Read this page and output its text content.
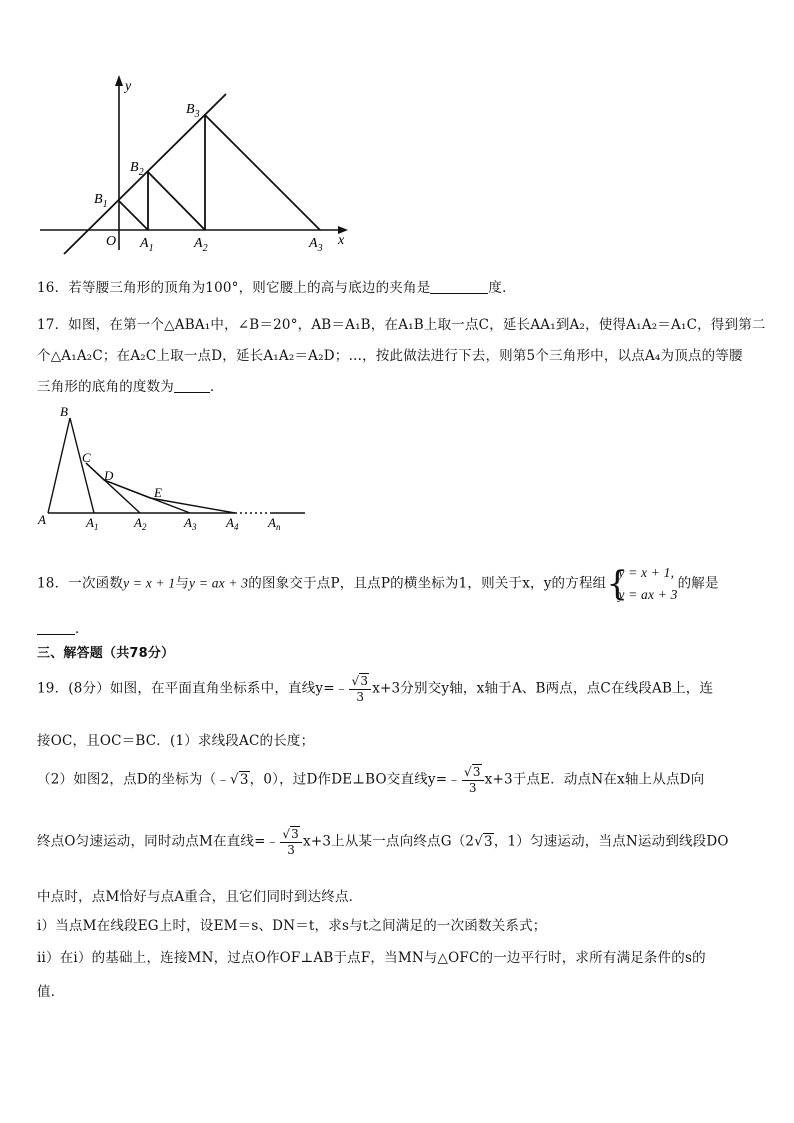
y
x
O
$B_1$
$B_2$
$B_3$
$A_1$	$A_2$	$A_3$
16．若等腰三角形的顶角为100°，则它腰上的高与底边的夹角是	度．
17．如图，在第一个△ABA₁中，∠B＝20°，AB＝A₁B，在A₁B上取一点C，延长AA₁到A₂，使得A₁A₂＝A₁C，得到第二
个△A₁A₂C；在A₂C上取一点D，延长A₁A₂＝A₂D；…，按此做法进行下去，则第5个三角形中，以点A₄为顶点的等腰
三角形的底角的度数为	．
B
C
D
E
A	$A_1$	$A_2$	$A_3$ $A_4$ $A_n$
18．一次函数y = x + 1与y = ax + 3的图象交于点P，且点P的横坐标为1，则关于x，y的方程组 {
y = x + 1,
y = ax + 3
的解是
．
三、解答题（共78分）
19．(8分）如图，在平面直角坐标系中，直线y=﹣ $\frac{√3}{3} x+3$分别交y轴，x轴于A、B两点，点C在线段AB上，连
接OC，且OC＝BC．(1）求线段AC的长度；
（2）如图2，点D的坐标为（﹣√3，0），过D作DE⊥BO交直线y=﹣ $\frac{√3}{3} x+3$于点E．动点N在x轴上从点D向
终点O匀速运动，同时动点M在直线=﹣ $\frac{√3}{3} x+3$上从某一点向终点G（2√3，1）匀速运动，当点N运动到线段DO
中点时，点M恰好与点A重合，且它们同时到达终点．
i）当点M在线段EG上时，设EM＝s、DN＝t，求s与t之间满足的一次函数关系式；
ii）在i）的基础上，连接MN，过点O作OF⊥AB于点F，当MN与△OFC的一边平行时，求所有满足条件的s的
值．
